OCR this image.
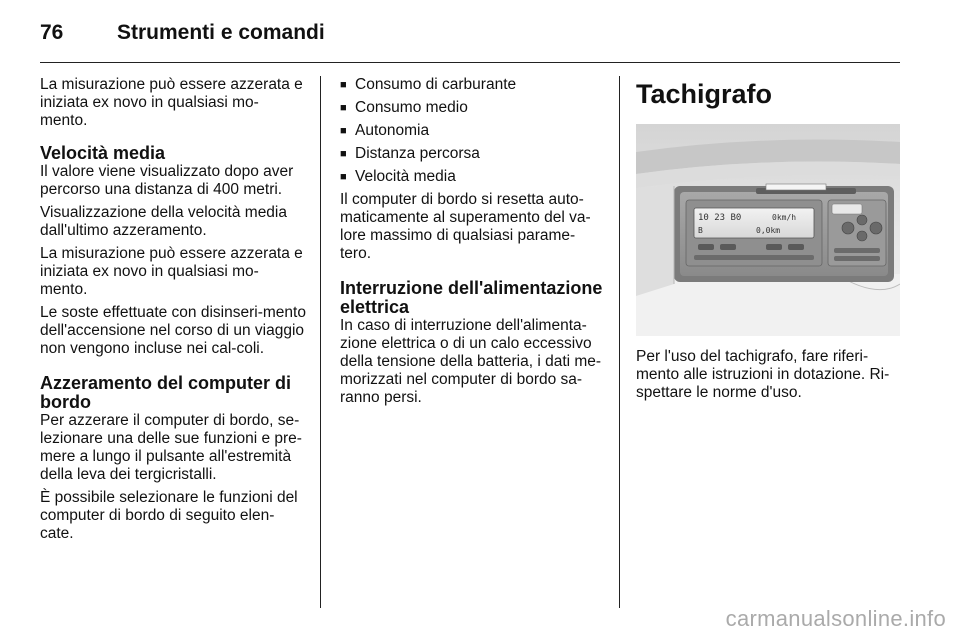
76	Strumenti e comandi

La misurazione può essere azzerata e iniziata ex novo in qualsiasi mo-mento.

Velocità media

Il valore viene visualizzato dopo aver percorso una distanza di 400 metri.

Visualizzazione della velocità media dall'ultimo azzeramento.

La misurazione può essere azzerata e iniziata ex novo in qualsiasi mo-mento.

Le soste effettuate con disinseri-mento dell'accensione nel corso di un viaggio non vengono incluse nei cal-coli.

Azzeramento del computer di bordo

Per azzerare il computer di bordo, se-lezionare una delle sue funzioni e pre-mere a lungo il pulsante all'estremità della leva dei tergicristalli.

È possibile selezionare le funzioni del computer di bordo di seguito elen-cate.

■ Consumo di carburante
■ Consumo medio
■ Autonomia
■ Distanza percorsa
■ Velocità media

Il computer di bordo si resetta auto-maticamente al superamento del va-lore massimo di qualsiasi parame-tero.

Interruzione dell'alimentazione elettrica

In caso di interruzione dell'alimenta-zione elettrica o di un calo eccessivo della tensione della batteria, i dati me-morizzati nel computer di bordo sa-ranno persi.

Tachigrafo
10 23 B0	0km/h
B	0,0km

Per l'uso del tachigrafo, fare riferi-mento alle istruzioni in dotazione. Ri-spettare le norme d'uso.

carmanualsonline.info
